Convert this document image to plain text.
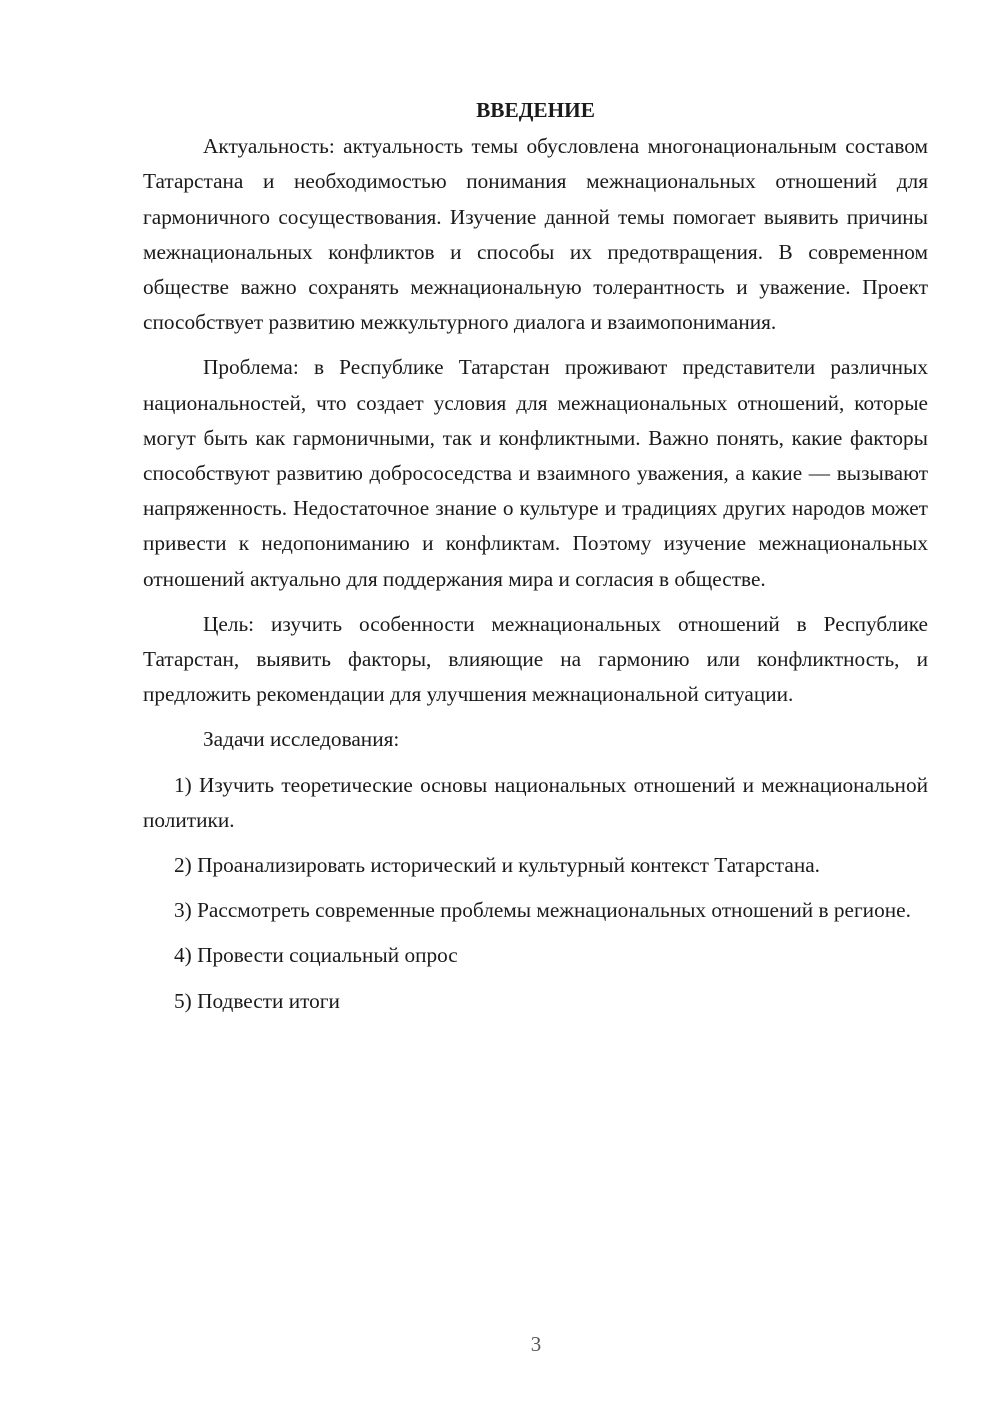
ВВЕДЕНИЕ

Актуальность: актуальность темы обусловлена многонациональным составом Татарстана и необходимостью понимания межнациональных отношений для гармоничного сосуществования. Изучение данной темы помогает выявить причины межнациональных конфликтов и способы их предотвращения. В современном обществе важно сохранять межнациональную толерантность и уважение. Проект способствует развитию межкультурного диалога и взаимопонимания.

Проблема: в Республике Татарстан проживают представители различных национальностей, что создает условия для межнациональных отношений, которые могут быть как гармоничными, так и конфликтными. Важно понять, какие факторы способствуют развитию добрососедства и взаимного уважения, а какие — вызывают напряженность. Недостаточное знание о культуре и традициях других народов может привести к недопониманию и конфликтам. Поэтому изучение межнациональных отношений актуально для поддержания мира и согласия в обществе.

Цель: изучить особенности межнациональных отношений в Республике Татарстан, выявить факторы, влияющие на гармонию или конфликтность, и предложить рекомендации для улучшения межнациональной ситуации.

Задачи исследования:

1) Изучить теоретические основы национальных отношений и межнациональной политики.

2) Проанализировать исторический и культурный контекст Татарстана.

3) Рассмотреть современные проблемы межнациональных отношений в регионе.

4) Провести социальный опрос

5) Подвести итоги

3
